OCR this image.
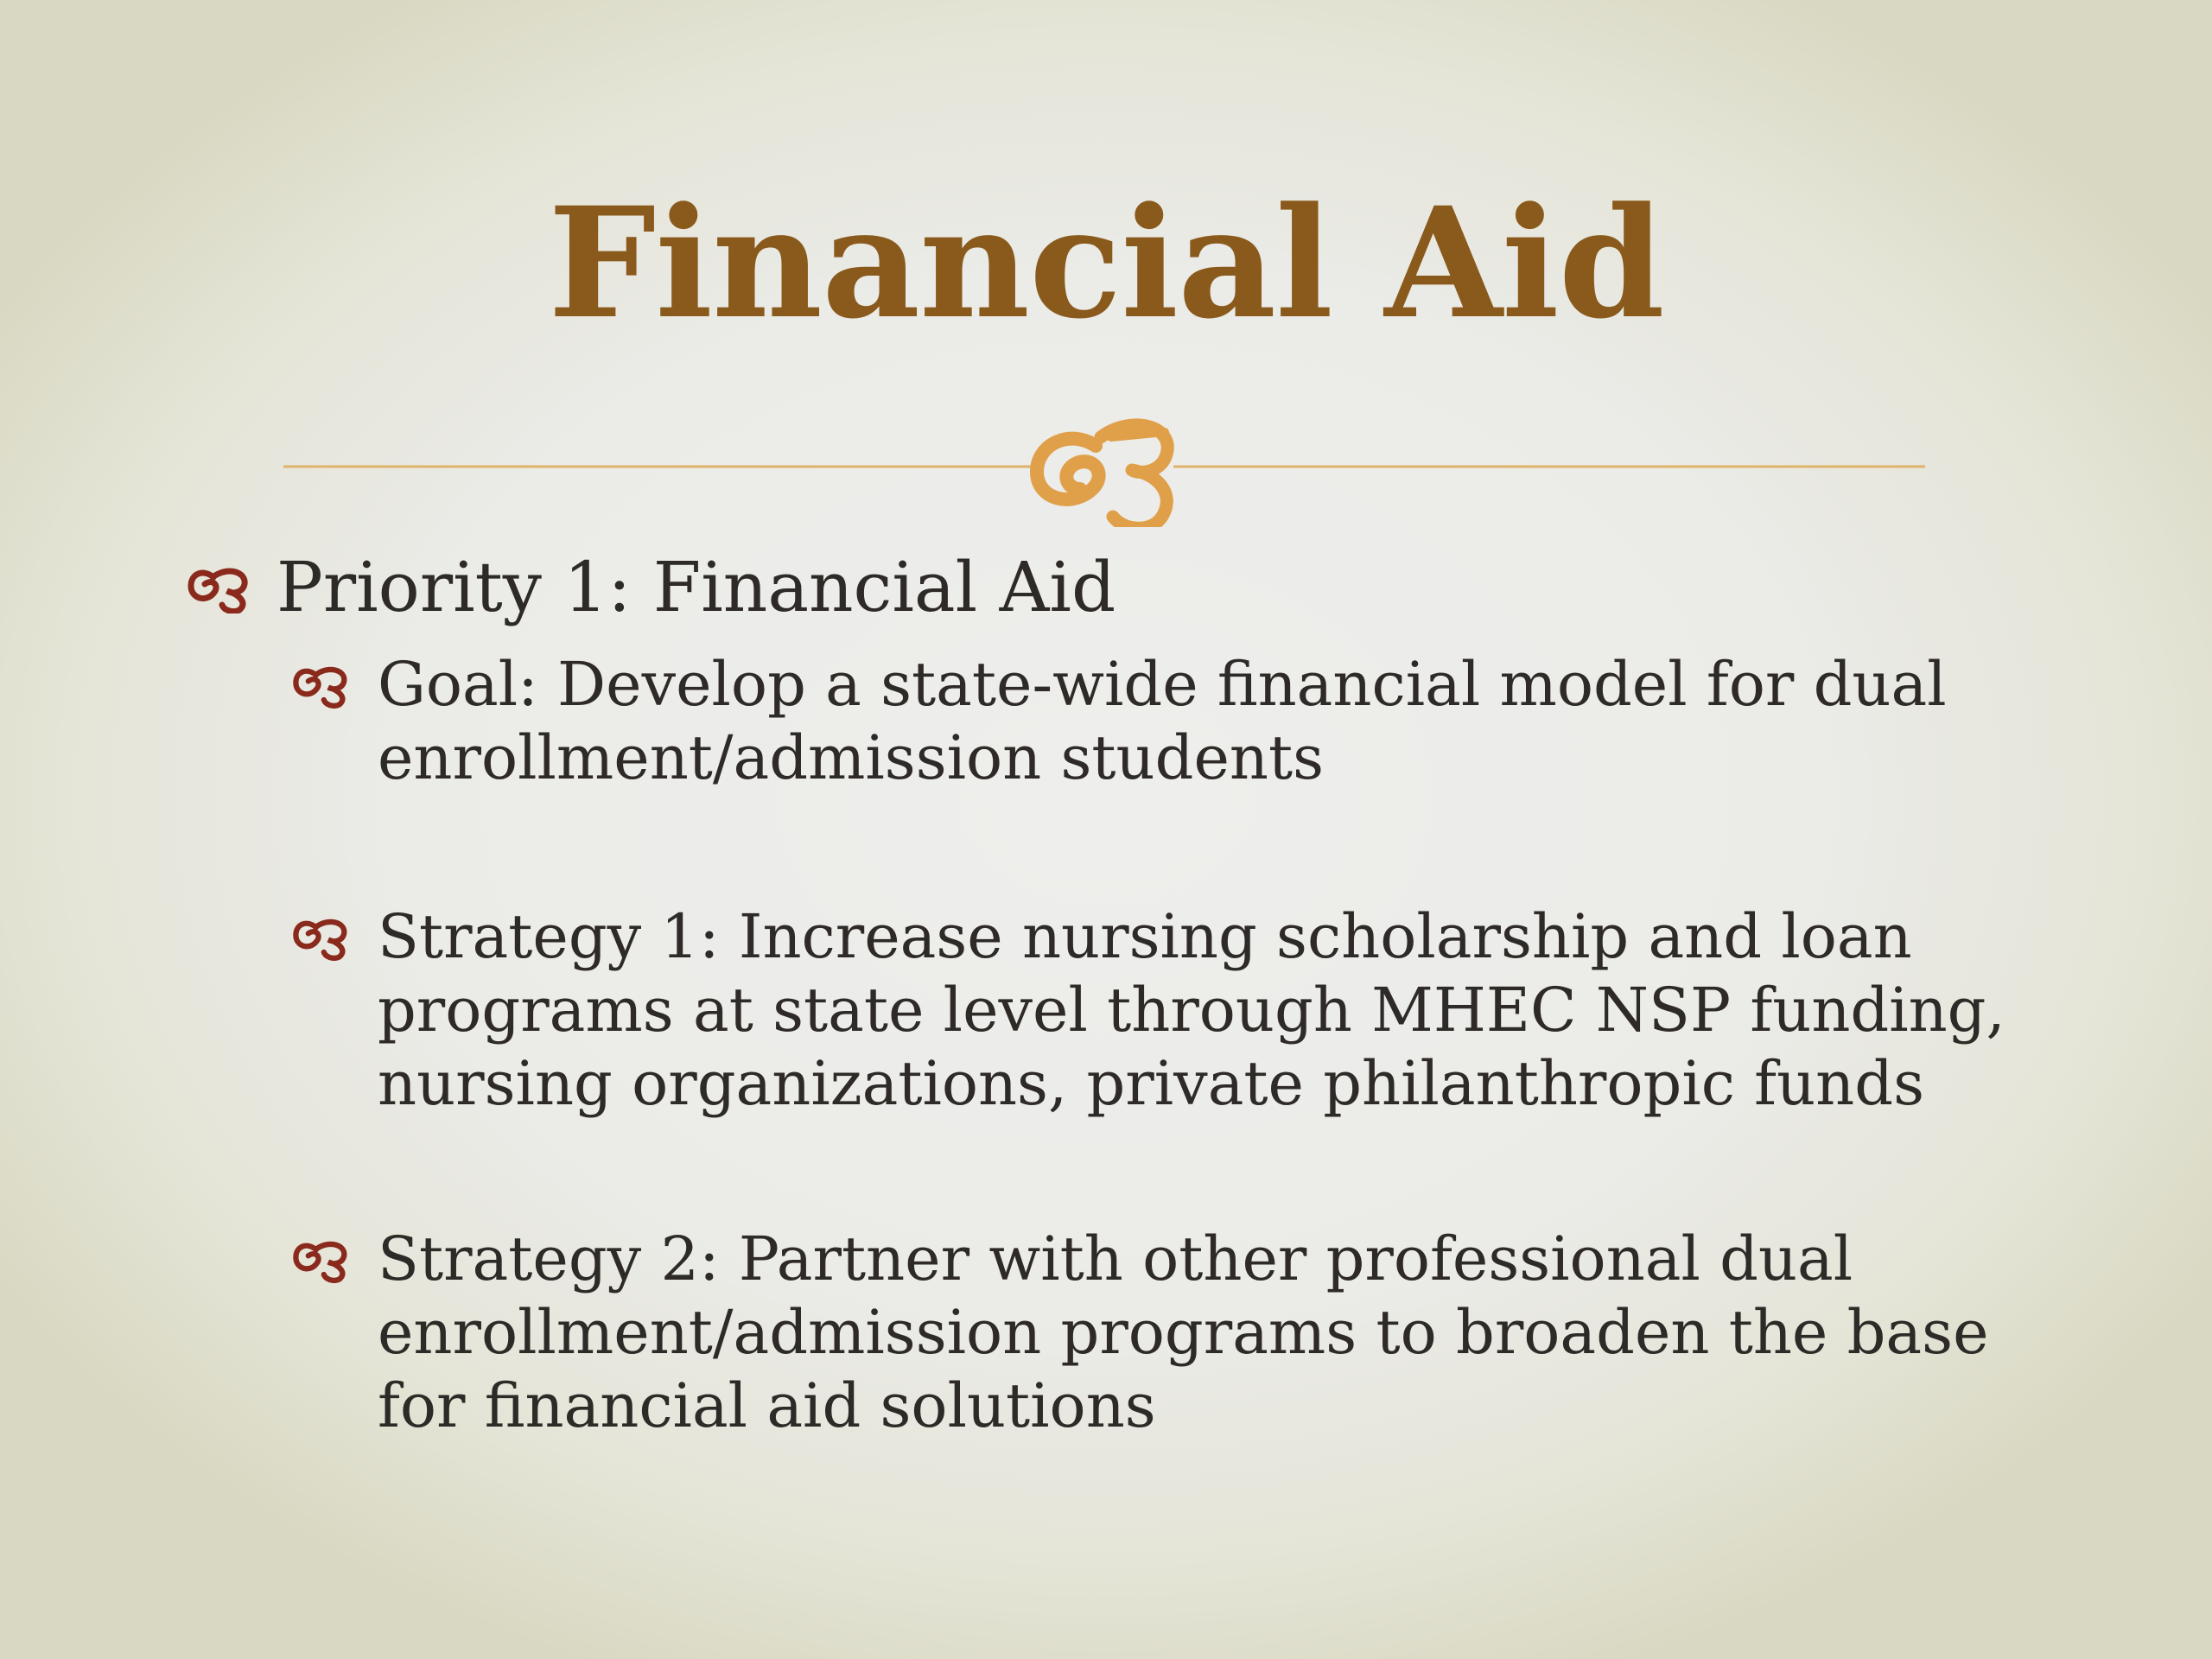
Financial Aid
Priority 1: Financial Aid
Goal: Develop a state-wide financial model for dual enrollment/admission students
Strategy 1: Increase nursing scholarship and loan programs at state level through MHEC NSP funding, nursing organizations, private philanthropic funds
Strategy 2: Partner with other professional dual enrollment/admission programs to broaden the base for financial aid solutions
